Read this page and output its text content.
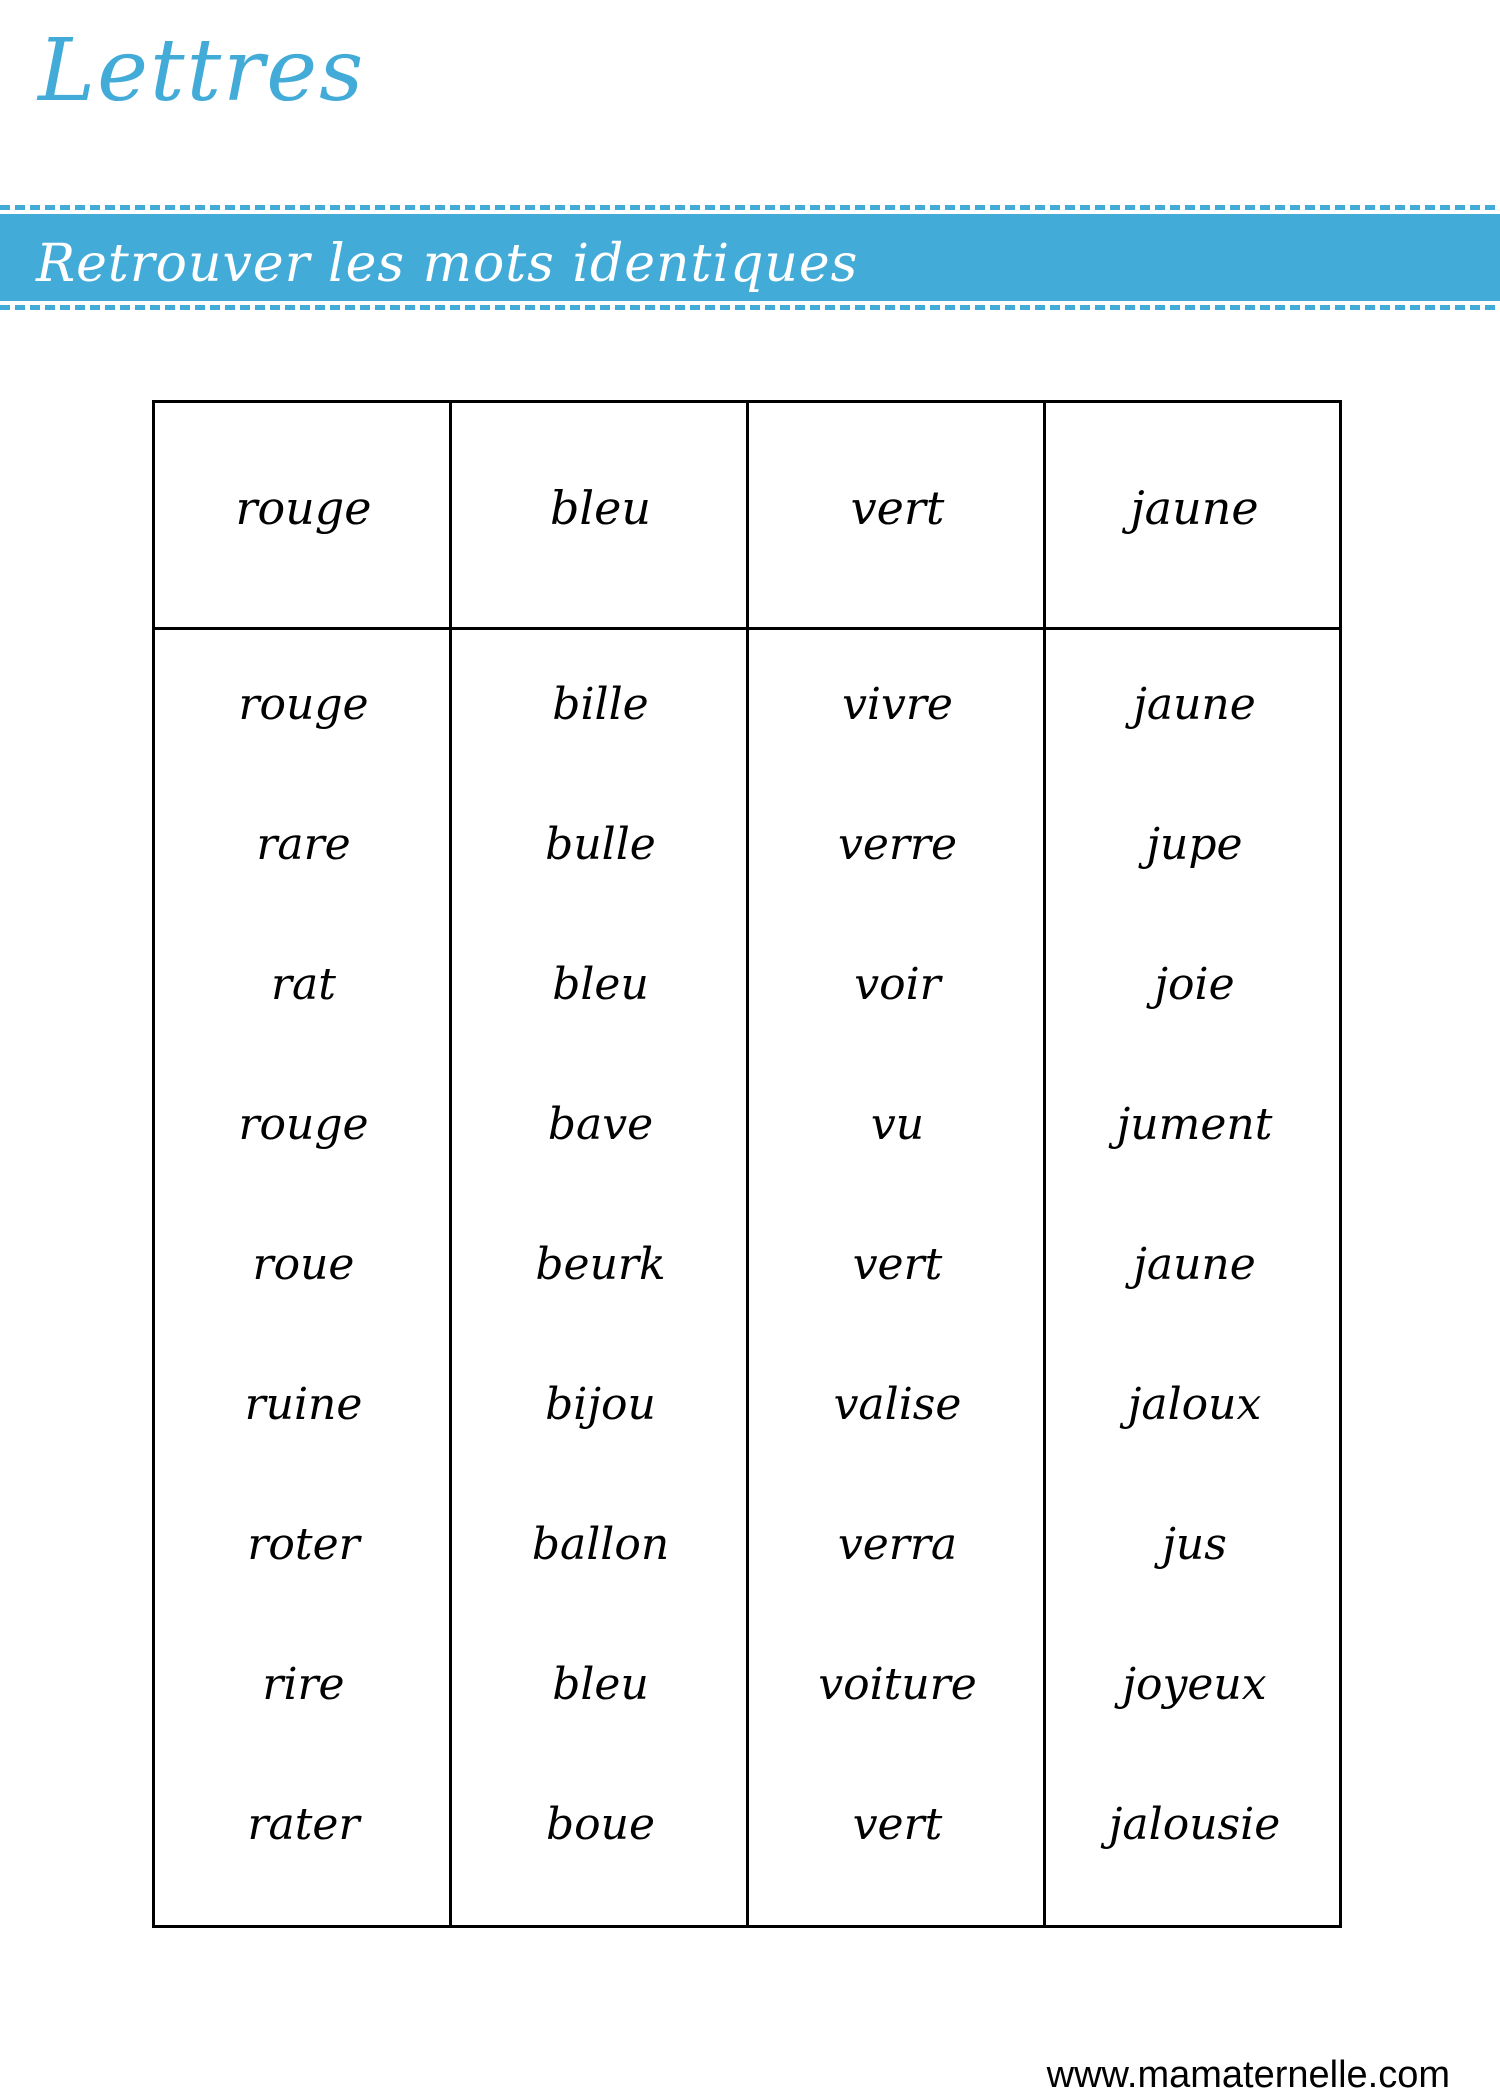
Lettres
Retrouver les mots identiques
rouge
rouge
rare
rat
rouge
roue
ruine
roter
rire
rater
bleu
bille
bulle
bleu
bave
beurk
bijou
ballon
bleu
boue
vert
vivre
verre
voir
vu
vert
valise
verra
voiture
vert
jaune
jaune
jupe
joie
jument
jaune
jaloux
jus
joyeux
jalousie
www.mamaternelle.com
